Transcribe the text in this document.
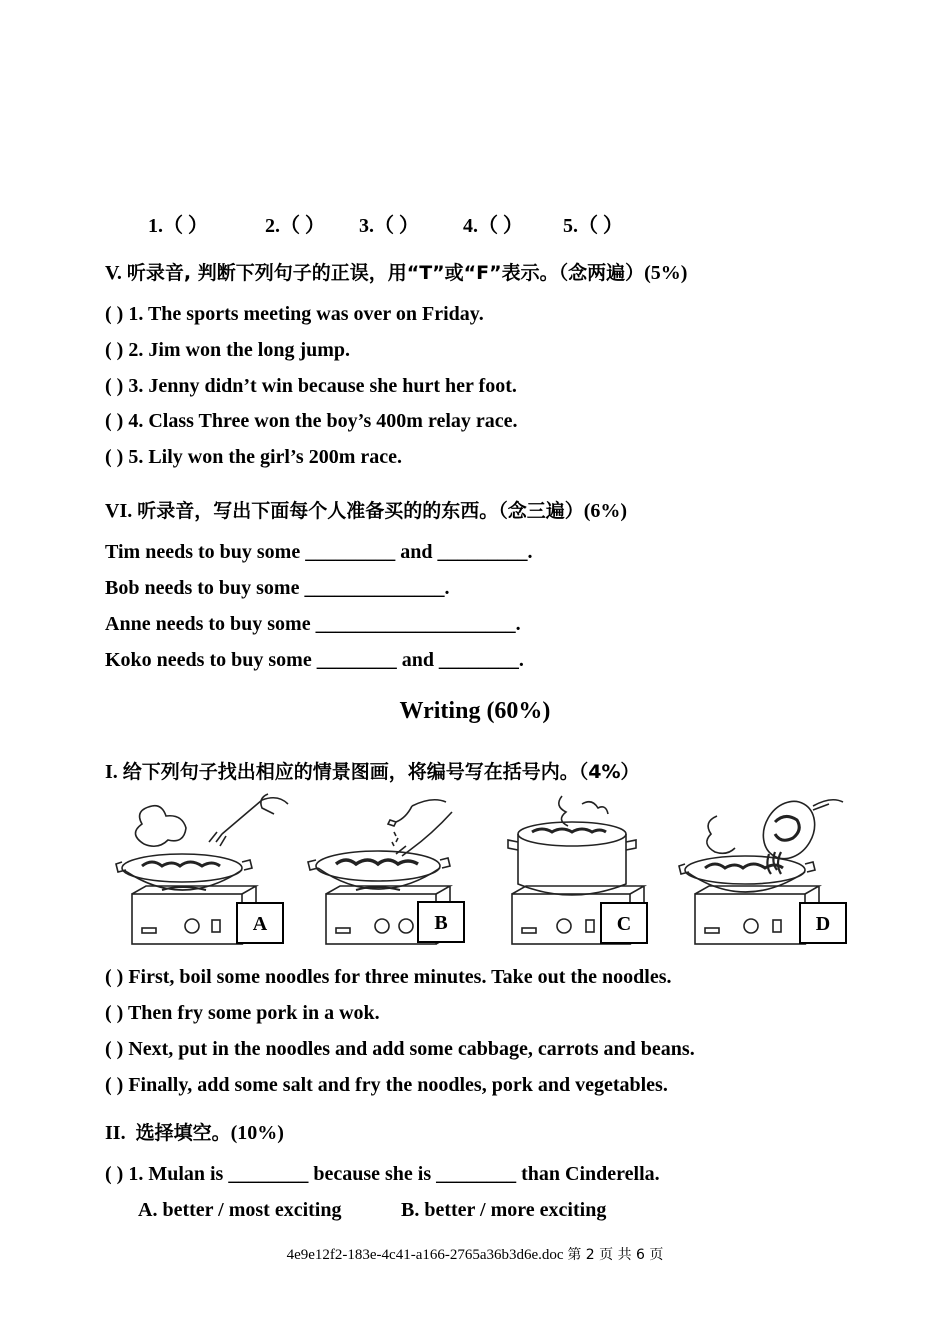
1.（ ）	2.（ ） 3.（ ） 4.（ ） 5.（ ）
V. 听录音, 判断下列句子的正误，用“T”或“F”表示。（念两遍）(5%)
( ) 1. The sports meeting was over on Friday.
( ) 2. Jim won the long jump.
( ) 3. Jenny didn’t win because she hurt her foot.
( ) 4. Class Three won the boy’s 400m relay race.
( ) 5. Lily won the girl’s 200m race.
VI. 听录音，写出下面每个人准备买的的东西。（念三遍）(6%)
Tim needs to buy some _________ and _________.
Bob needs to buy some ______________.
Anne needs to buy some ____________________.
Koko needs to buy some ________ and ________.
Writing (60%)
I. 给下列句子找出相应的情景图画，将编号写在括号内。（4%）
A	B	C	D
( ) First, boil some noodles for three minutes. Take out the noodles.
( ) Then fry some pork in a wok.
( ) Next, put in the noodles and add some cabbage, carrots and beans.
( ) Finally, add some salt and fry the noodles, pork and vegetables.
II.  选择填空。(10%)
( ) 1. Mulan is ________ because she is ________ than Cinderella.
A. better / most exciting	B. better / more exciting
4e9e12f2-183e-4c41-a166-2765a36b3d6e.doc 第 2 页 共 6 页
